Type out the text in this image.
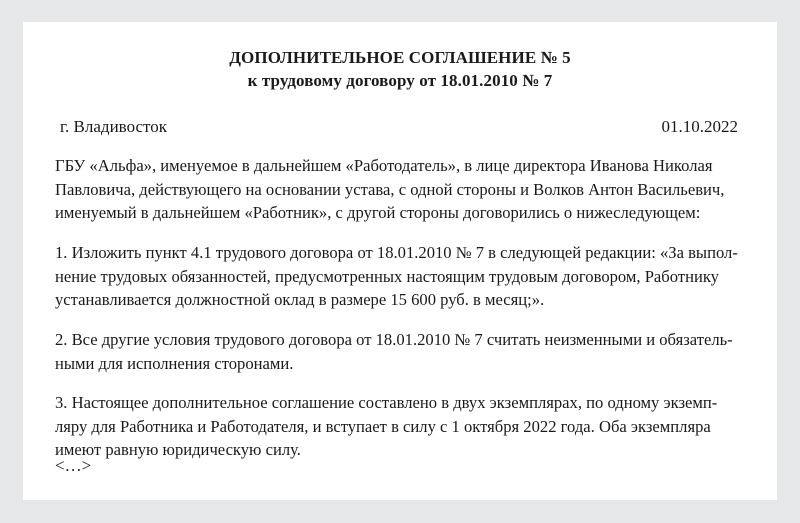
ДОПОЛНИТЕЛЬНОЕ СОГЛАШЕНИЕ № 5
к трудовому договору от 18.01.2010 № 7
г. Владивосток	01.10.2022
ГБУ «Альфа», именуемое в дальнейшем «Работодатель», в лице директора Иванова Николая
Павловича, действующего на основании устава, с одной стороны и Волков Антон Васильевич,
именуемый в дальнейшем «Работник», с другой стороны договорились о нижеследующем:
1. Изложить пункт 4.1 трудового договора от 18.01.2010 № 7 в следующей редакции: «За выпол-
нение трудовых обязанностей, предусмотренных настоящим трудовым договором, Работнику
устанавливается должностной оклад в размере 15 600 руб. в месяц;».
2. Все другие условия трудового договора от 18.01.2010 № 7 считать неизменными и обязатель-
ными для исполнения сторонами.
3. Настоящее дополнительное соглашение составлено в двух экземплярах, по одному экземп-
ляру для Работника и Работодателя, и вступает в силу с 1 октября 2022 года. Оба экземпляра
имеют равную юридическую силу.
<…>
